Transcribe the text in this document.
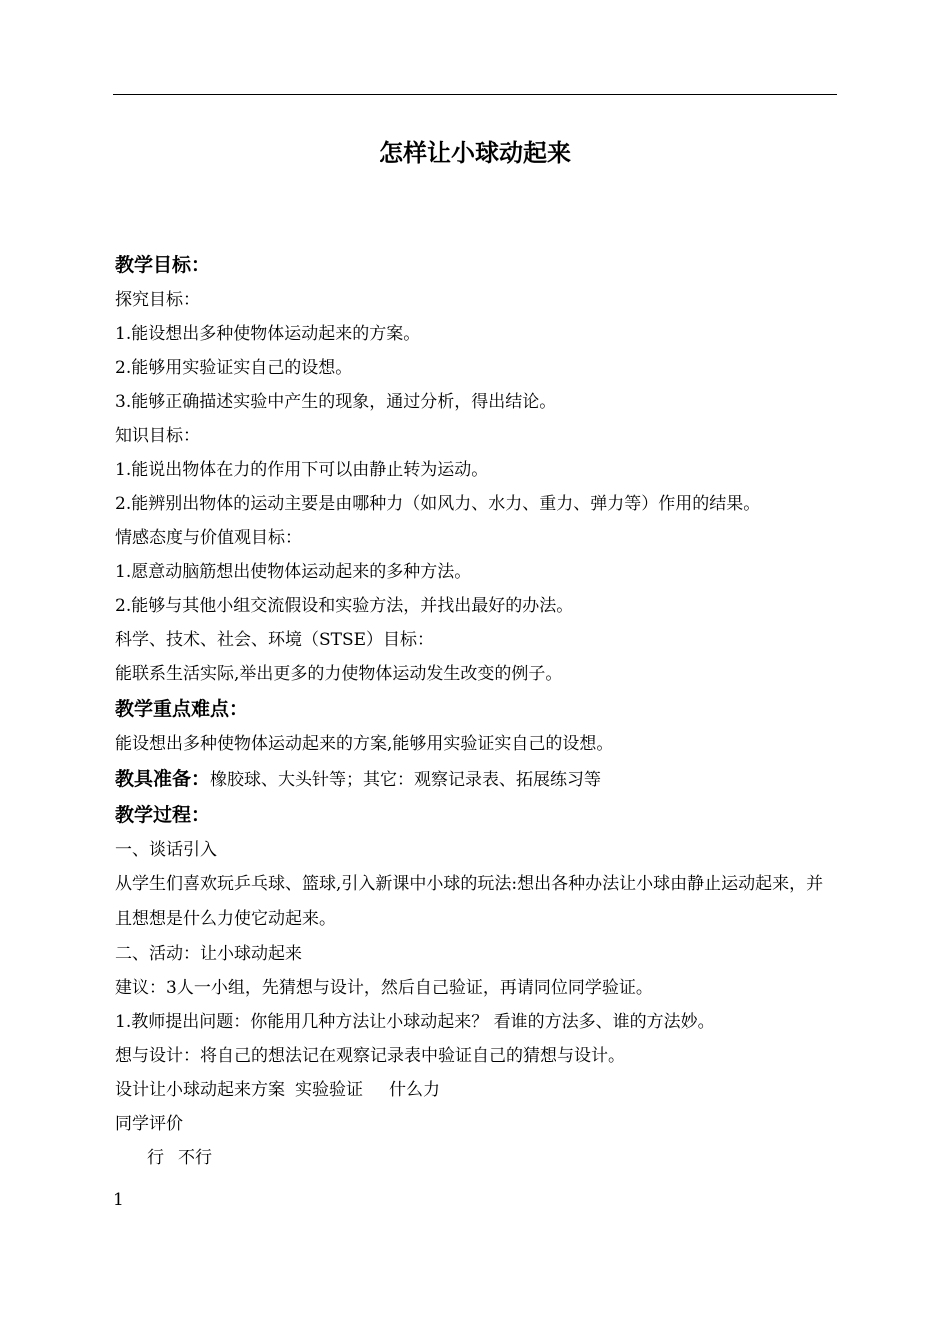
怎样让小球动起来
教学目标：
探究目标：
1.能设想出多种使物体运动起来的方案。
2.能够用实验证实自己的设想。
3.能够正确描述实验中产生的现象，通过分析，得出结论。
知识目标：
1.能说出物体在力的作用下可以由静止转为运动。
2.能辨别出物体的运动主要是由哪种力（如风力、水力、重力、弹力等）作用的结果。
情感态度与价值观目标：
1.愿意动脑筋想出使物体运动起来的多种方法。
2.能够与其他小组交流假设和实验方法，并找出最好的办法。
科学、技术、社会、环境（STSE）目标：
能联系生活实际,举出更多的力使物体运动发生改变的例子。
教学重点难点：
能设想出多种使物体运动起来的方案,能够用实验证实自己的设想。
教具准备：橡胶球、大头针等；其它：观察记录表、拓展练习等
教学过程：
一、谈话引入
从学生们喜欢玩乒乓球、篮球,引入新课中小球的玩法:想出各种办法让小球由静止运动起来，并且想想是什么力使它动起来。
二、活动：让小球动起来
建议：3人一小组，先猜想与设计，然后自己验证，再请同位同学验证。
1.教师提出问题：你能用几种方法让小球动起来？ 看谁的方法多、谁的方法妙。
想与设计：将自己的想法记在观察记录表中验证自己的猜想与设计。
设计让小球动起来方案 实验验证 什么力
同学评价
行 不行
1
